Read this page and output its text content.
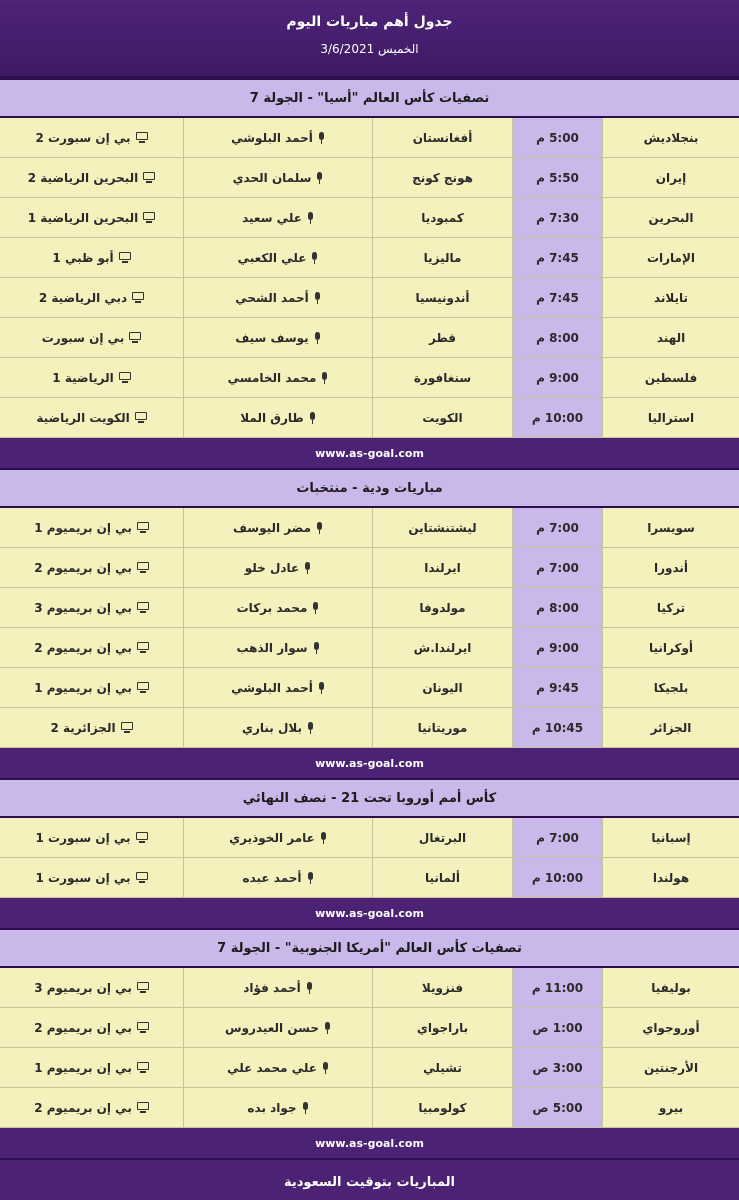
جدول أهم مباريات اليوم
الخميس 3/6/2021
تصفيات كأس العالم "أسيا" - الجولة 7
بنجلاديش
5:00 م
أفغانستان
أحمد البلوشي
بي إن سبورت 2
إيران
5:50 م
هونج كونج
سلمان الحدي
البحرين الرياضية 2
البحرين
7:30 م
كمبوديا
علي سعيد
البحرين الرياضية 1
الإمارات
7:45 م
ماليزيا
علي الكعبي
أبو ظبي 1
تايلاند
7:45 م
أندونيسيا
أحمد الشحي
دبي الرياضية 2
الهند
8:00 م
قطر
يوسف سيف
بي إن سبورت
فلسطين
9:00 م
سنغافورة
محمد الخامسي
الرياضية 1
استراليا
10:00 م
الكويت
طارق الملا
الكويت الرياضية
www.as-goal.com
مباريات ودية - منتخبات
سويسرا
7:00 م
ليشتنشتاين
مضر اليوسف
بي إن بريميوم 1
أندورا
7:00 م
ايرلندا
عادل خلو
بي إن بريميوم 2
تركيا
8:00 م
مولدوفا
محمد بركات
بي إن بريميوم 3
أوكرانيا
9:00 م
ايرلندا.ش
سوار الذهب
بي إن بريميوم 2
بلجيكا
9:45 م
اليونان
أحمد البلوشي
بي إن بريميوم 1
الجزائر
10:45 م
موريتانيا
بلال بناري
الجزائرية 2
www.as-goal.com
كأس أمم أوروبا تحت 21 - نصف النهائي
إسبانيا
7:00 م
البرتغال
عامر الخوذيري
بي إن سبورت 1
هولندا
10:00 م
ألمانيا
أحمد عبده
بي إن سبورت 1
www.as-goal.com
تصفيات كأس العالم "أمريكا الجنوبية" - الجولة 7
بوليفيا
11:00 م
فنزويلا
أحمد فؤاد
بي إن بريميوم 3
أوروجواي
1:00 ص
باراجواي
حسن العيدروس
بي إن بريميوم 2
الأرجنتين
3:00 ص
تشيلي
علي محمد علي
بي إن بريميوم 1
بيرو
5:00 ص
كولومبيا
جواد بده
بي إن بريميوم 2
www.as-goal.com
المباريات بتوقيت السعودية
